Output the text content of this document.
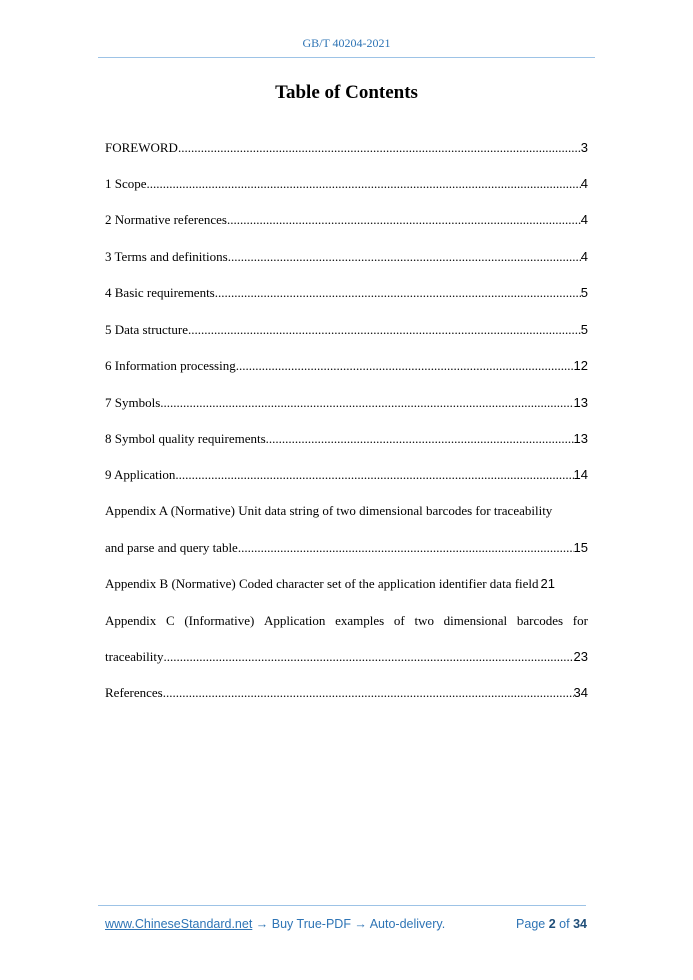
GB/T 40204-2021
Table of Contents
FOREWORD .....	3
1 Scope .....	4
2 Normative references .....	4
3 Terms and definitions .....	4
4 Basic requirements .....	5
5 Data structure .....	5
6 Information processing .....	12
7 Symbols .....	13
8 Symbol quality requirements .....	13
9 Application .....	14
Appendix A (Normative) Unit data string of two dimensional barcodes for traceability
and parse and query table .....	15
Appendix B (Normative) Coded character set of the application identifier data field 21
Appendix C (Informative) Application examples of two dimensional barcodes for
traceability .....	23
References .....	34
www.ChineseStandard.net → Buy True-PDF → Auto-delivery.	Page 2 of 34
